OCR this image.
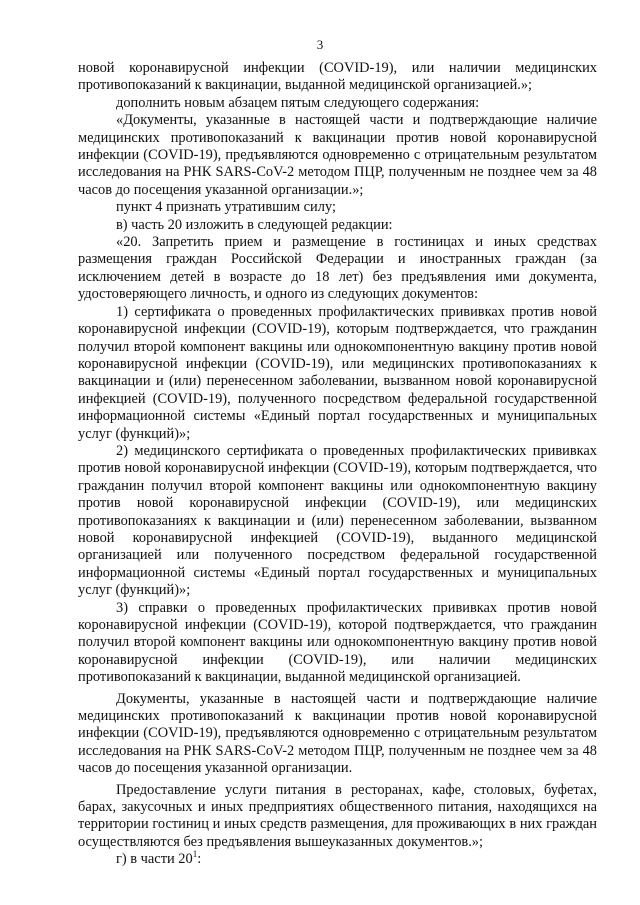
3

новой коронавирусной инфекции (COVID-19), или наличии медицинских противопоказаний к вакцинации, выданной медицинской организацией.»;

дополнить новым абзацем пятым следующего содержания:

«Документы, указанные в настоящей части и подтверждающие наличие медицинских противопоказаний к вакцинации против новой коронавирусной инфекции (COVID-19), предъявляются одновременно с отрицательным результатом исследования на РНК SARS-CoV-2 методом ПЦР, полученным не позднее чем за 48 часов до посещения указанной организации.»;

пункт 4 признать утратившим силу;

в) часть 20 изложить в следующей редакции:

«20. Запретить прием и размещение в гостиницах и иных средствах размещения граждан Российской Федерации и иностранных граждан (за исключением детей в возрасте до 18 лет) без предъявления ими документа, удостоверяющего личность, и одного из следующих документов:

1) сертификата о проведенных профилактических прививках против новой коронавирусной инфекции (COVID-19), которым подтверждается, что гражданин получил второй компонент вакцины или однокомпонентную вакцину против новой коронавирусной инфекции (COVID-19), или медицинских противопоказаниях к вакцинации и (или) перенесенном заболевании, вызванном новой коронавирусной инфекцией (COVID-19), полученного посредством федеральной государственной информационной системы «Единый портал государственных и муниципальных услуг (функций)»;

2) медицинского сертификата о проведенных профилактических прививках против новой коронавирусной инфекции (COVID-19), которым подтверждается, что гражданин получил второй компонент вакцины или однокомпонентную вакцину против новой коронавирусной инфекции (COVID-19), или медицинских противопоказаниях к вакцинации и (или) перенесенном заболевании, вызванном новой коронавирусной инфекцией (COVID-19), выданного медицинской организацией или полученного посредством федеральной государственной информационной системы «Единый портал государственных и муниципальных услуг (функций)»;

3) справки о проведенных профилактических прививках против новой коронавирусной инфекции (COVID-19), которой подтверждается, что гражданин получил второй компонент вакцины или однокомпонентную вакцину против новой коронавирусной инфекции (COVID-19), или наличии медицинских противопоказаний к вакцинации, выданной медицинской организацией.

Документы, указанные в настоящей части и подтверждающие наличие медицинских противопоказаний к вакцинации против новой коронавирусной инфекции (COVID-19), предъявляются одновременно с отрицательным результатом исследования на РНК SARS-CoV-2 методом ПЦР, полученным не позднее чем за 48 часов до посещения указанной организации.

Предоставление услуги питания в ресторанах, кафе, столовых, буфетах, барах, закусочных и иных предприятиях общественного питания, находящихся на территории гостиниц и иных средств размещения, для проживающих в них граждан осуществляются без предъявления вышеуказанных документов.»;

г) в части $20^1$:
